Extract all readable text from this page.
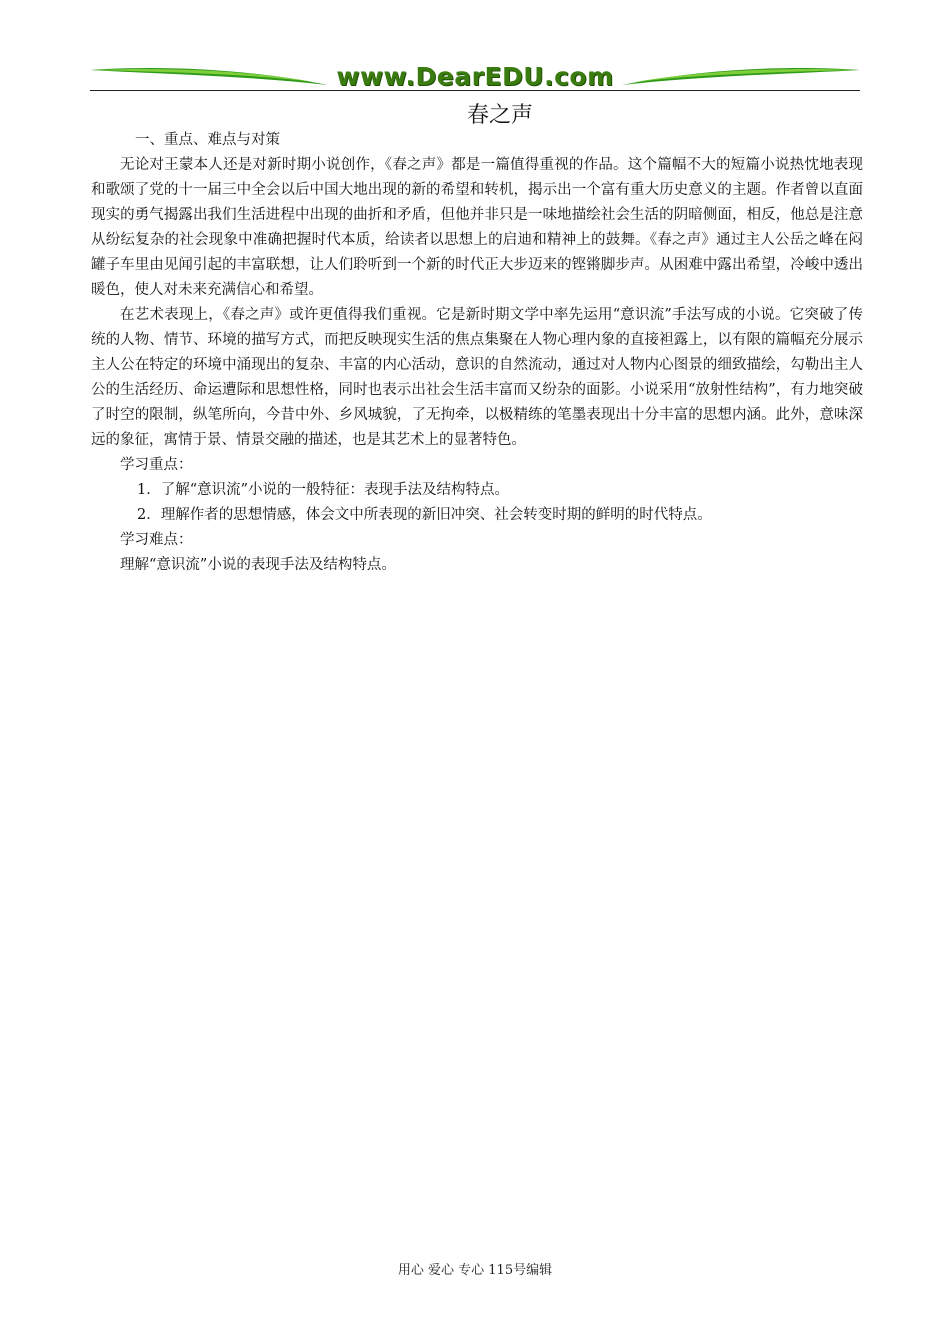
www.DearEDU.com
春之声

一、重点、难点与对策

无论对王蒙本人还是对新时期小说创作，《春之声》都是一篇值得重视的作品。这个篇幅不大的短篇小说热忱地表现和歌颂了党的十一届三中全会以后中国大地出现的新的希望和转机，揭示出一个富有重大历史意义的主题。作者曾以直面现实的勇气揭露出我们生活进程中出现的曲折和矛盾，但他并非只是一味地描绘社会生活的阴暗侧面，相反，他总是注意从纷纭复杂的社会现象中准确把握时代本质，给读者以思想上的启迪和精神上的鼓舞。《春之声》通过主人公岳之峰在闷罐子车里由见闻引起的丰富联想，让人们聆听到一个新的时代正大步迈来的铿锵脚步声。从困难中露出希望，冷峻中透出暖色，使人对未来充满信心和希望。

在艺术表现上，《春之声》或许更值得我们重视。它是新时期文学中率先运用“意识流”手法写成的小说。它突破了传统的人物、情节、环境的描写方式，而把反映现实生活的焦点集聚在人物心理内象的直接袒露上，以有限的篇幅充分展示主人公在特定的环境中涌现出的复杂、丰富的内心活动，意识的自然流动，通过对人物内心图景的细致描绘，勾勒出主人公的生活经历、命运遭际和思想性格，同时也表示出社会生活丰富而又纷杂的面影。小说采用“放射性结构”，有力地突破了时空的限制，纵笔所向，今昔中外、乡风城貌，了无拘牵，以极精练的笔墨表现出十分丰富的思想内涵。此外，意味深远的象征，寓情于景、情景交融的描述，也是其艺术上的显著特色。

学习重点：

1．了解“意识流”小说的一般特征：表现手法及结构特点。

2．理解作者的思想情感，体会文中所表现的新旧冲突、社会转变时期的鲜明的时代特点。

学习难点：

理解“意识流”小说的表现手法及结构特点。

用心 爱心 专心 115号编辑
